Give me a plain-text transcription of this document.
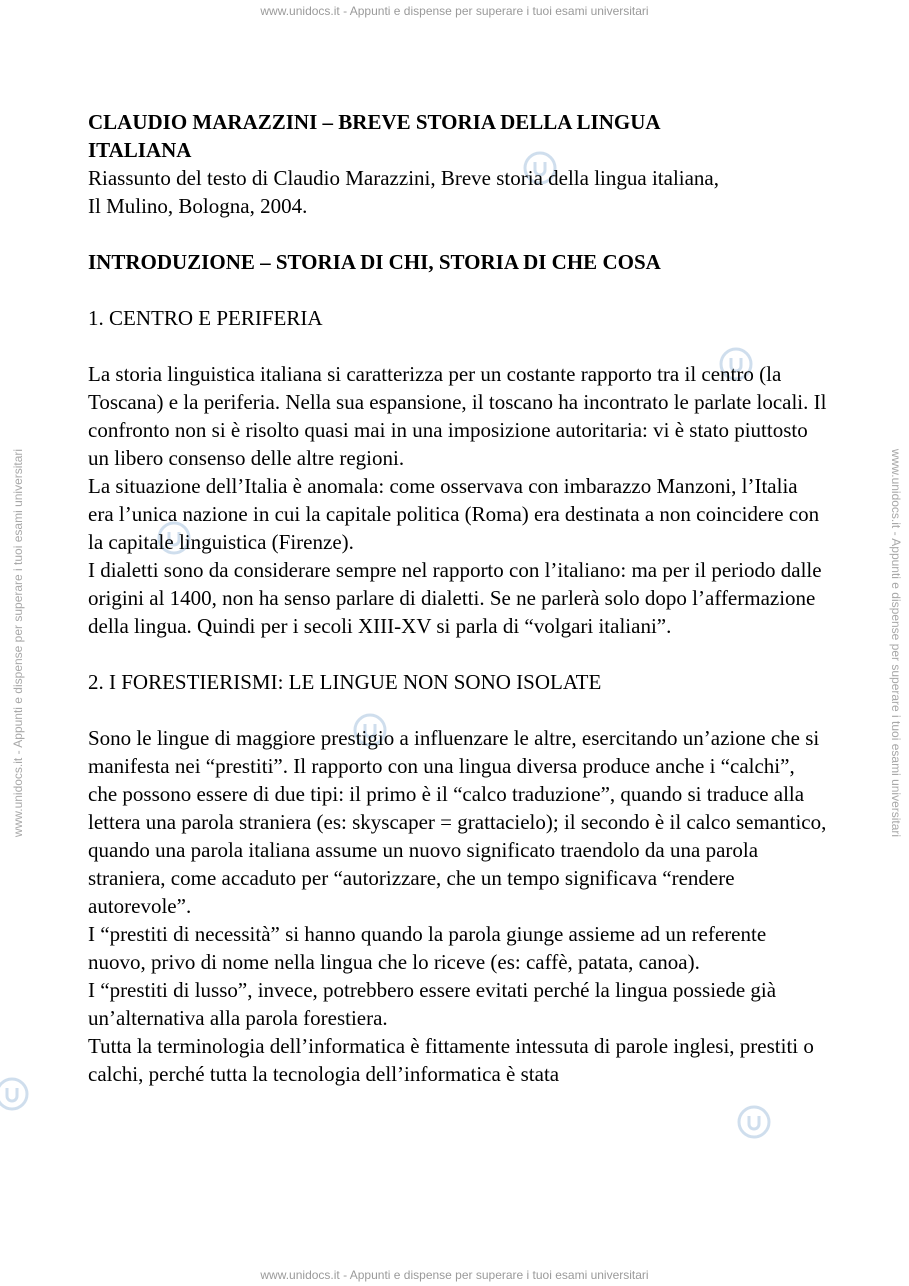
www.unidocs.it - Appunti e dispense per superare i tuoi esami universitari
www.unidocs.it - Appunti e dispense per superare i tuoi esami universitari
www.unidocs.it - Appunti e dispense per superare i tuoi esami universitari	www.unidocs.it - Appunti e dispense per superare i tuoi esami universitari
CLAUDIO MARAZZINI – BREVE STORIA DELLA LINGUA
ITALIANA

Riassunto del testo di Claudio Marazzini, Breve storia della lingua italiana,

Il Mulino, Bologna, 2004.

INTRODUZIONE – STORIA DI CHI, STORIA DI CHE COSA
1. CENTRO E PERIFERIA

La storia linguistica italiana si caratterizza per un costante rapporto tra il centro (la Toscana) e la periferia. Nella sua espansione, il toscano ha incontrato le parlate locali. Il confronto non si è risolto quasi mai in una imposizione autoritaria: vi è stato piuttosto un libero consenso delle altre regioni.

La situazione dell’Italia è anomala: come osservava con imbarazzo Manzoni, l’Italia era l’unica nazione in cui la capitale politica (Roma) era destinata a non coincidere con la capitale linguistica (Firenze).

I dialetti sono da considerare sempre nel rapporto con l’italiano: ma per il periodo dalle origini al 1400, non ha senso parlare di dialetti. Se ne parlerà solo dopo l’affermazione della lingua. Quindi per i secoli XIII-XV si parla di “volgari italiani”.

2. I FORESTIERISMI: LE LINGUE NON SONO ISOLATE

Sono le lingue di maggiore prestigio a influenzare le altre, esercitando un’azione che si manifesta nei “prestiti”. Il rapporto con una lingua diversa produce anche i “calchi”, che possono essere di due tipi: il primo è il “calco traduzione”, quando si traduce alla lettera una parola straniera (es: skyscaper = grattacielo); il secondo è il calco semantico, quando una parola italiana assume un nuovo significato traendolo da una parola straniera, come accaduto per “autorizzare, che un tempo significava “rendere autorevole”.

I “prestiti di necessità” si hanno quando la parola giunge assieme ad un referente nuovo, privo di nome nella lingua che lo riceve (es: caffè, patata, canoa).

I “prestiti di lusso”, invece, potrebbero essere evitati perché la lingua possiede già un’alternativa alla parola forestiera.

Tutta la terminologia dell’informatica è fittamente intessuta di parole inglesi, prestiti o calchi, perché tutta la tecnologia dell’informatica è stata
